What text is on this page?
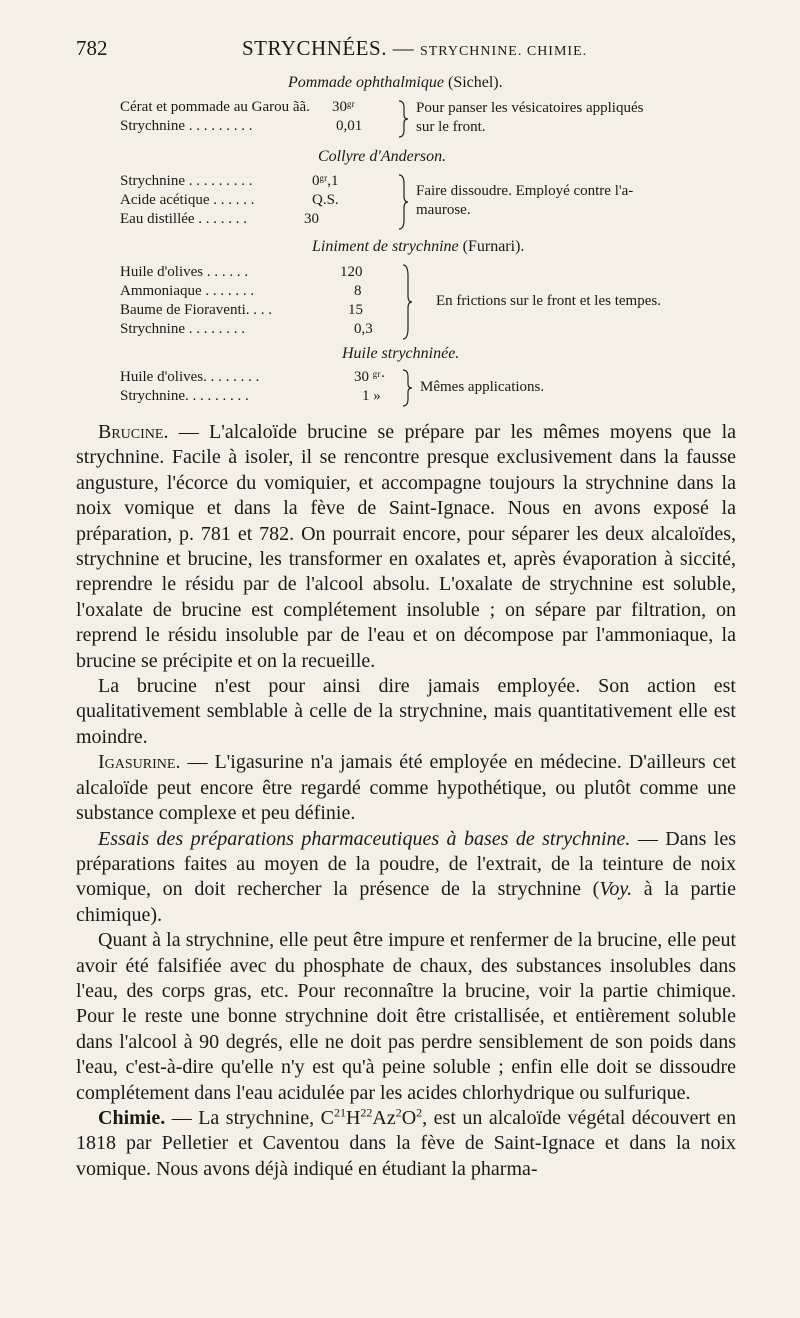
782	STRYCHNÉES. — STRYCHNINE. CHIMIE.
Pommade ophthalmique (Sichel).
Cérat et pommade au Garou ãã. 30ᵍʳ
Strychnine . . . . . . . . .	0,01
Pour panser les vésicatoires appliqués
sur le front.
Collyre d'Anderson.
Strychnine . . . . . . . . .	0ᵍʳ,1
Acide acétique . . . . . .	Q.S.
Eau distillée . . . . . . .	30
Faire dissoudre. Employé contre l'a-
maurose.
Liniment de strychnine (Furnari).
Huile d'olives . . . . . .	120
Ammoniaque . . . . . . .	8
Baume de Fioraventi. . . .	15
Strychnine . . . . . . . .	0,3
En frictions sur le front et les tempes.
Huile strychninée.
Huile d'olives. . . . . . . .	30 ᵍʳ·
Strychnine. . . . . . . . .	1 »
Mêmes applications.

Brucine. — L'alcaloïde brucine se prépare par les mêmes moyens que la strychnine. Facile à isoler, il se rencontre presque exclusivement dans la fausse angusture, l'écorce du vomiquier, et accompagne toujours la strychnine dans la noix vomique et dans la fève de Saint-Ignace. Nous en avons exposé la préparation, p. 781 et 782. On pourrait encore, pour séparer les deux alcaloïdes, strychnine et brucine, les transformer en oxalates et, après évaporation à siccité, reprendre le résidu par de l'alcool absolu. L'oxalate de strychnine est soluble, l'oxalate de brucine est complétement insoluble ; on sépare par filtration, on reprend le résidu insoluble par de l'eau et on décompose par l'ammoniaque, la brucine se précipite et on la recueille.

La brucine n'est pour ainsi dire jamais employée. Son action est qualitativement semblable à celle de la strychnine, mais quantitativement elle est moindre.

Igasurine. — L'igasurine n'a jamais été employée en médecine. D'ailleurs cet alcaloïde peut encore être regardé comme hypothétique, ou plutôt comme une substance complexe et peu définie.

Essais des préparations pharmaceutiques à bases de strychnine. — Dans les préparations faites au moyen de la poudre, de l'extrait, de la teinture de noix vomique, on doit rechercher la présence de la strychnine (Voy. à la partie chimique).

Quant à la strychnine, elle peut être impure et renfermer de la brucine, elle peut avoir été falsifiée avec du phosphate de chaux, des substances insolubles dans l'eau, des corps gras, etc. Pour reconnaître la brucine, voir la partie chimique. Pour le reste une bonne strychnine doit être cristallisée, et entièrement soluble dans l'alcool à 90 degrés, elle ne doit pas perdre sensiblement de son poids dans l'eau, c'est-à-dire qu'elle n'y est qu'à peine soluble ; enfin elle doit se dissoudre complétement dans l'eau acidulée par les acides chlorhydrique ou sulfurique.

Chimie. — La strychnine, $C^{21}H^{22}Az^2O^2$, est un alcaloïde végétal découvert en 1818 par Pelletier et Caventou dans la fève de Saint-Ignace et dans la noix vomique. Nous avons déjà indiqué en étudiant la pharma-
